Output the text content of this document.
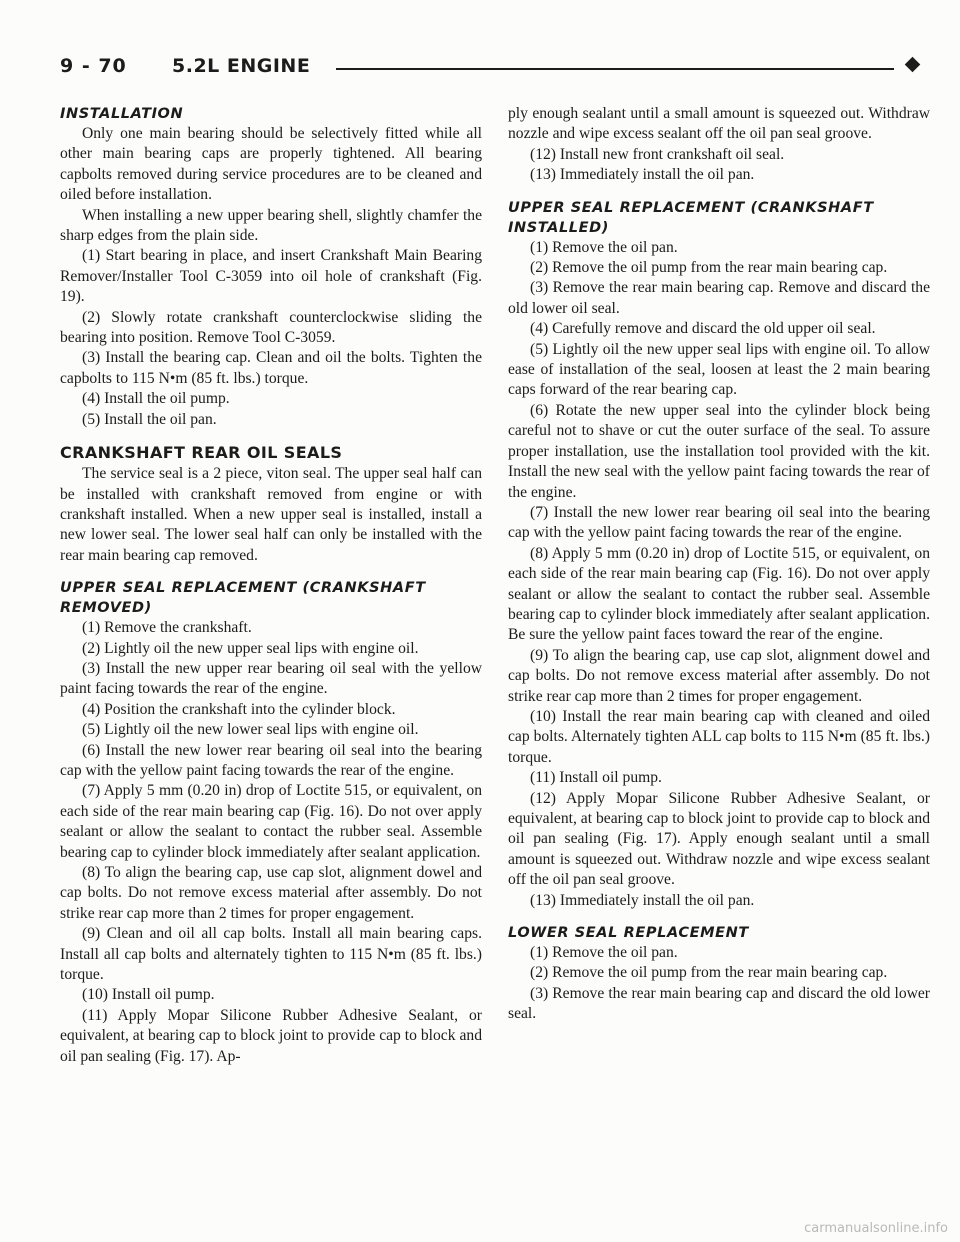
9 - 70 5.2L ENGINE
INSTALLATION

Only one main bearing should be selectively fitted while all other main bearing caps are properly tightened. All bearing capbolts removed during service procedures are to be cleaned and oiled before installation.

When installing a new upper bearing shell, slightly chamfer the sharp edges from the plain side.

(1) Start bearing in place, and insert Crankshaft Main Bearing Remover/Installer Tool C-3059 into oil hole of crankshaft (Fig. 19).

(2) Slowly rotate crankshaft counterclockwise sliding the bearing into position. Remove Tool C-3059.

(3) Install the bearing cap. Clean and oil the bolts. Tighten the capbolts to 115 N•m (85 ft. lbs.) torque.

(4) Install the oil pump.

(5) Install the oil pan.

CRANKSHAFT REAR OIL SEALS

The service seal is a 2 piece, viton seal. The upper seal half can be installed with crankshaft removed from engine or with crankshaft installed. When a new upper seal is installed, install a new lower seal. The lower seal half can only be installed with the rear main bearing cap removed.

UPPER SEAL REPLACEMENT (CRANKSHAFT REMOVED)

(1) Remove the crankshaft.

(2) Lightly oil the new upper seal lips with engine oil.

(3) Install the new upper rear bearing oil seal with the yellow paint facing towards the rear of the engine.

(4) Position the crankshaft into the cylinder block.

(5) Lightly oil the new lower seal lips with engine oil.

(6) Install the new lower rear bearing oil seal into the bearing cap with the yellow paint facing towards the rear of the engine.

(7) Apply 5 mm (0.20 in) drop of Loctite 515, or equivalent, on each side of the rear main bearing cap (Fig. 16). Do not over apply sealant or allow the sealant to contact the rubber seal. Assemble bearing cap to cylinder block immediately after sealant application.

(8) To align the bearing cap, use cap slot, alignment dowel and cap bolts. Do not remove excess material after assembly. Do not strike rear cap more than 2 times for proper engagement.

(9) Clean and oil all cap bolts. Install all main bearing caps. Install all cap bolts and alternately tighten to 115 N•m (85 ft. lbs.) torque.

(10) Install oil pump.

(11) Apply Mopar Silicone Rubber Adhesive Sealant, or equivalent, at bearing cap to block joint to provide cap to block and oil pan sealing (Fig. 17). Ap-

ply enough sealant until a small amount is squeezed out. Withdraw nozzle and wipe excess sealant off the oil pan seal groove.

(12) Install new front crankshaft oil seal.

(13) Immediately install the oil pan.

UPPER SEAL REPLACEMENT (CRANKSHAFT INSTALLED)

(1) Remove the oil pan.

(2) Remove the oil pump from the rear main bearing cap.

(3) Remove the rear main bearing cap. Remove and discard the old lower oil seal.

(4) Carefully remove and discard the old upper oil seal.

(5) Lightly oil the new upper seal lips with engine oil. To allow ease of installation of the seal, loosen at least the 2 main bearing caps forward of the rear bearing cap.

(6) Rotate the new upper seal into the cylinder block being careful not to shave or cut the outer surface of the seal. To assure proper installation, use the installation tool provided with the kit. Install the new seal with the yellow paint facing towards the rear of the engine.

(7) Install the new lower rear bearing oil seal into the bearing cap with the yellow paint facing towards the rear of the engine.

(8) Apply 5 mm (0.20 in) drop of Loctite 515, or equivalent, on each side of the rear main bearing cap (Fig. 16). Do not over apply sealant or allow the sealant to contact the rubber seal. Assemble bearing cap to cylinder block immediately after sealant application. Be sure the yellow paint faces toward the rear of the engine.

(9) To align the bearing cap, use cap slot, alignment dowel and cap bolts. Do not remove excess material after assembly. Do not strike rear cap more than 2 times for proper engagement.

(10) Install the rear main bearing cap with cleaned and oiled cap bolts. Alternately tighten ALL cap bolts to 115 N•m (85 ft. lbs.) torque.

(11) Install oil pump.

(12) Apply Mopar Silicone Rubber Adhesive Sealant, or equivalent, at bearing cap to block joint to provide cap to block and oil pan sealing (Fig. 17). Apply enough sealant until a small amount is squeezed out. Withdraw nozzle and wipe excess sealant off the oil pan seal groove.

(13) Immediately install the oil pan.

LOWER SEAL REPLACEMENT

(1) Remove the oil pan.

(2) Remove the oil pump from the rear main bearing cap.

(3) Remove the rear main bearing cap and discard the old lower seal.

carmanualsonline.info
